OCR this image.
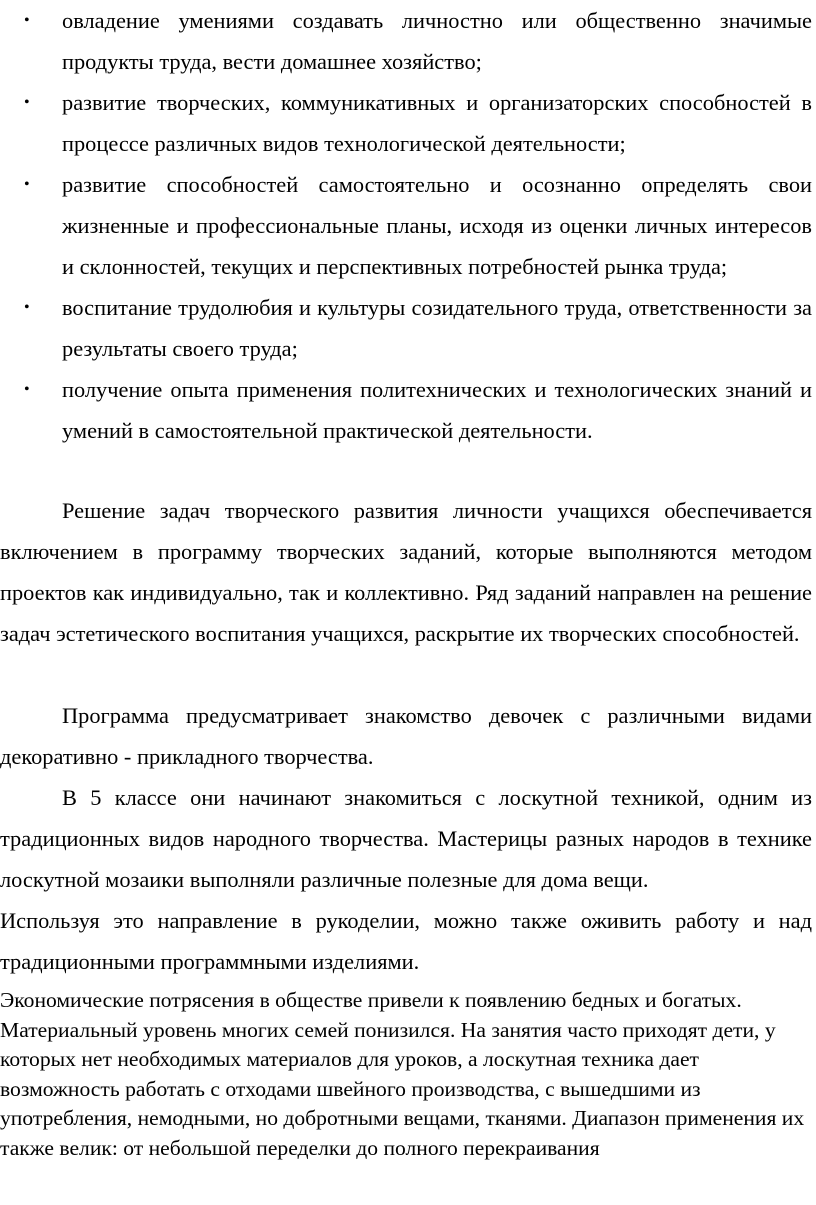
• овладение умениями создавать личностно или общественно значимые продукты труда, вести домашнее хозяйство;
• развитие творческих, коммуникативных и организаторских способностей в процессе различных видов технологической деятельности;
• развитие способностей самостоятельно и осознанно определять свои жизненные и профессиональные планы, исходя из оценки личных интересов и склонностей, текущих и перспективных потребностей рынка труда;
• воспитание трудолюбия и культуры созидательного труда, ответственности за результаты своего труда;
• получение опыта применения политехнических и технологических знаний и умений в самостоятельной практической деятельности.

Решение задач творческого развития личности учащихся обеспечивается включением в программу творческих заданий, которые выполняются методом проектов как индивидуально, так и коллективно. Ряд заданий направлен на решение задач эстетического воспитания учащихся, раскрытие их творческих способностей.

Программа предусматривает знакомство девочек с различными видами декоративно - прикладного творчества.

В 5 классе они начинают знакомиться с лоскутной техникой, одним из традиционных видов народного творчества. Мастерицы разных народов в технике лоскутной мозаики выполняли различные полезные для дома вещи.

Используя это направление в рукоделии, можно также оживить работу и над традиционными программными изделиями.

Экономические потрясения в обществе привели к появлению бедных и богатых. Материальный уровень многих семей понизился. На занятия часто приходят дети, у которых нет необходимых материалов для уроков, а лоскутная техника дает возможность работать с отходами швейного производства, с вышедшими из употребления, немодными, но добротными вещами, тканями. Диапазон применения их также велик: от небольшой переделки до полного перекраивания
